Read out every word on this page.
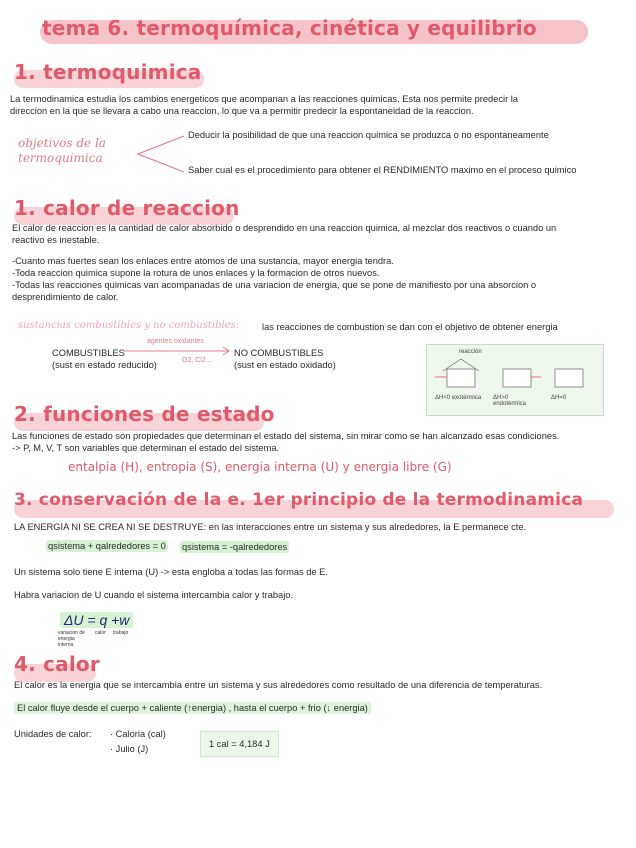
tema 6. termoquímica, cinética y equilibrio
1. termoquimica
La termodinamica estudia los cambios energeticos que acompanan a las reacciones quimicas. Esta nos permite predecir la
direccion en la que se llevara a cabo una reaccion, lo que va a permitir predecir la espontaneidad de la reaccion.
objetivos de la
termoquimica
Deducir la posibilidad de que una reaccion quimica se produzca o no espontaneamente
Saber cual es el procedimiento para obtener el RENDIMIENTO maximo en el proceso quimico
1. calor de reaccion
El calor de reaccion es la cantidad de calor absorbido o desprendido en una reaccion quimica, al mezclar dos reactivos o cuando un
reactivo es inestable.
-Cuanto mas fuertes sean los enlaces entre atomos de una sustancia, mayor energia tendra.
-Toda reaccion quimica supone la rotura de unos enlaces y la formacion de otros nuevos.
-Todas las reacciones quimicas van acompanadas de una variacion de energia, que se pone de manifiesto por una absorcion o
desprendimiento de calor.
sustancias combustibles y no combustibles: las reacciones de combustion se dan con el objetivo de obtener energia
COMBUSTIBLES
(sust en estado reducido)
agentes oxidantes
O2, Cl2...
NO COMBUSTIBLES
(sust en estado oxidado)
reacción
ΔH<0 exotérmica ΔH>0 endotérmica
ΔH=0
2. funciones de estado
Las funciones de estado son propiedades que determinan el estado del sistema, sin mirar como se han alcanzado esas condiciones.
-> P, M, V, T son variables que determinan el estado del sistema.
entalpia (H), entropia (S), energia interna (U) y energia libre (G)
3. conservación de la e. 1er principio de la termodinamica
LA ENERGIA NI SE CREA NI SE DESTRUYE: en las interacciones entre un sistema y sus alrededores, la E permanece cte.
qsistema + qalrededores = 0 qsistema = -qalrededores
Un sistema solo tiene E interna (U) -> esta engloba a todas las formas de E.
Habra variacion de U cuando el sistema intercambia calor y trabajo.
ΔU = q +w
variacion de energia interna
calor trabajo
4. calor
El calor es la energia que se intercambia entre un sistema y sus alrededores como resultado de una diferencia de temperaturas.
El calor fluye desde el cuerpo + caliente (↑energia) , hasta el cuerpo + frio (↓ energia)
Unidades de calor: · Caloria (cal)
· Julio (J)	1 cal = 4,184 J
